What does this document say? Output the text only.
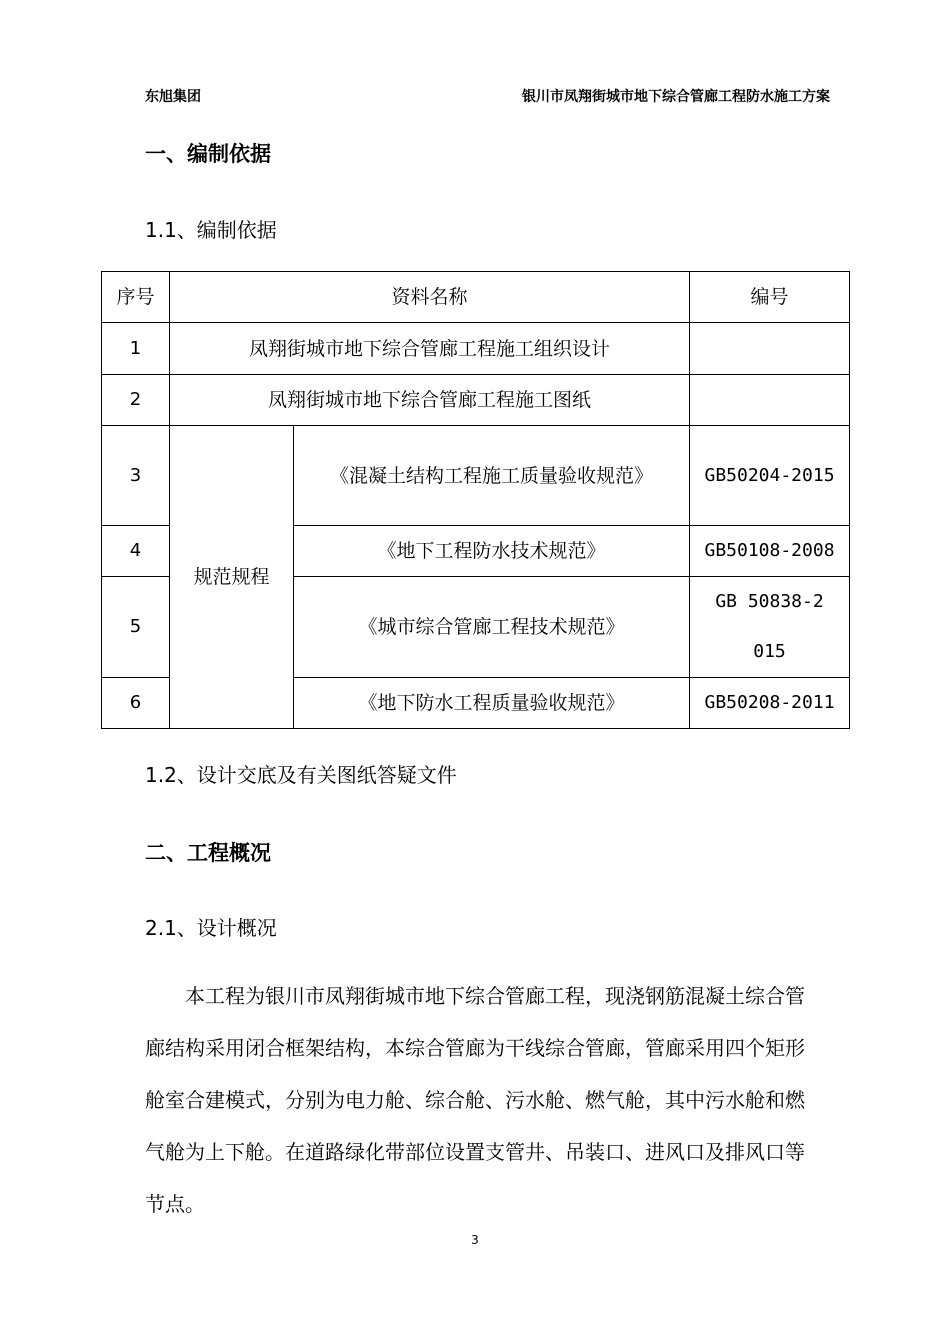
东旭集团	银川市凤翔街城市地下综合管廊工程防水施工方案
一、编制依据
1.1、编制依据
序号	资料名称		编号
1	凤翔街城市地下综合管廊工程施工组织设计		
2	凤翔街城市地下综合管廊工程施工图纸		
3	规范规程	《混凝土结构工程施工质量验收规范》	GB50204-2015
4		《地下工程防水技术规范》	GB50108-2008
5		《城市综合管廊工程技术规范》	GB 50838-2015
6		《地下防水工程质量验收规范》	GB50208-2011
1.2、设计交底及有关图纸答疑文件
二、工程概况
2.1、设计概况
本工程为银川市凤翔街城市地下综合管廊工程，现浇钢筋混凝土综合管廊结构采用闭合框架结构，本综合管廊为干线综合管廊，管廊采用四个矩形舱室合建模式，分别为电力舱、综合舱、污水舱、燃气舱，其中污水舱和燃气舱为上下舱。在道路绿化带部位设置支管井、吊装口、进风口及排风口等节点。
3
